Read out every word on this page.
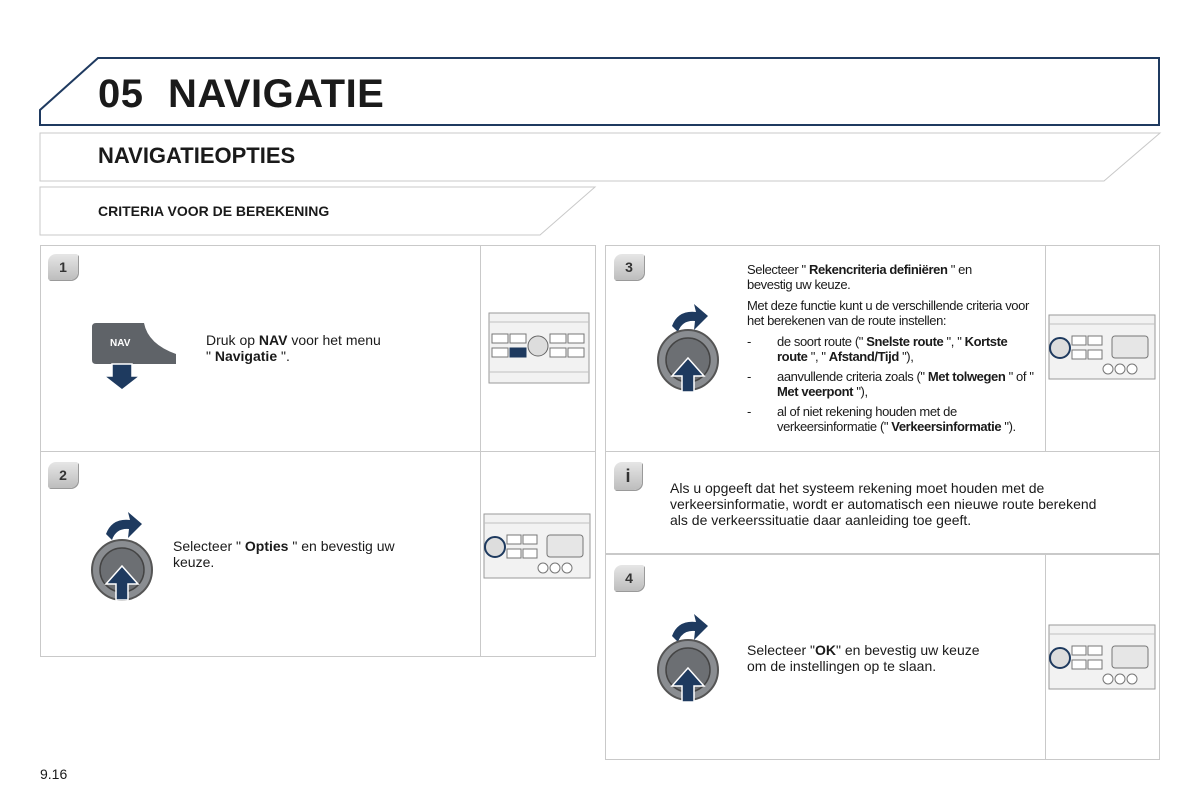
05 NAVIGATIE
NAVIGATIEOPTIES
CRITERIA VOOR DE BEREKENING
1
NAV	Druk op NAV voor het menu
" Navigatie ".
2
Selecteer " Opties " en bevestig uw
keuze.
3	Selecteer " Rekencriteria definiëren " en
bevestig uw keuze.

Met deze functie kunt u de verschillende criteria voor het berekenen van de route instellen:

- de soort route (" Snelste route ", " Kortste route ", " Afstand/Tijd "),
- aanvullende criteria zoals (" Met tolwegen " of " Met veerpont "),
- al of niet rekening houden met de verkeersinformatie (" Verkeersinformatie ").
i
Als u opgeeft dat het systeem rekening moet houden met de verkeersinformatie, wordt er automatisch een nieuwe route berekend als de verkeerssituatie daar aanleiding toe geeft.
4
Selecteer "OK" en bevestig uw keuze
om de instellingen op te slaan.
9.16
